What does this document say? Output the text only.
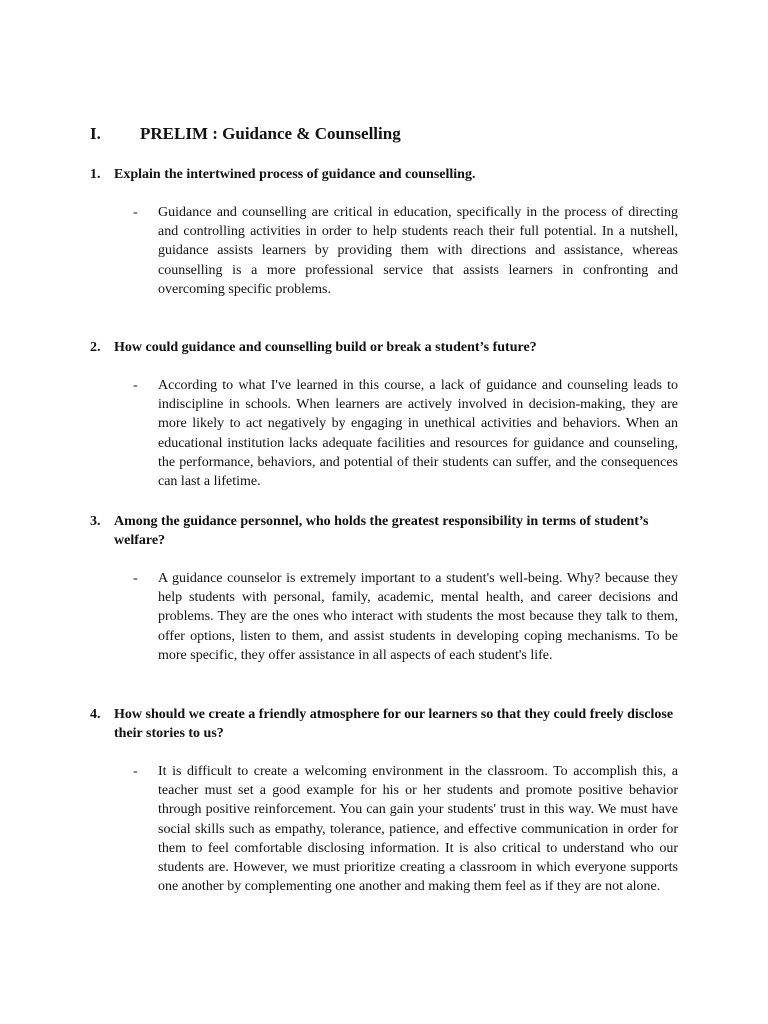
I. PRELIM : Guidance & Counselling
1. Explain the intertwined process of guidance and counselling.
-	Guidance and counselling are critical in education, specifically in the process of directing and controlling activities in order to help students reach their full potential. In a nutshell, guidance assists learners by providing them with directions and assistance, whereas counselling is a more professional service that assists learners in confronting and overcoming specific problems.
2. How could guidance and counselling build or break a student’s future?
-	According to what I've learned in this course, a lack of guidance and counseling leads to indiscipline in schools. When learners are actively involved in decision-making, they are more likely to act negatively by engaging in unethical activities and behaviors. When an educational institution lacks adequate facilities and resources for guidance and counseling, the performance, behaviors, and potential of their students can suffer, and the consequences can last a lifetime.
3. Among the guidance personnel, who holds the greatest responsibility in terms of student’s welfare?
-	A guidance counselor is extremely important to a student's well-being. Why? because they help students with personal, family, academic, mental health, and career decisions and problems. They are the ones who interact with students the most because they talk to them, offer options, listen to them, and assist students in developing coping mechanisms. To be more specific, they offer assistance in all aspects of each student's life.
4. How should we create a friendly atmosphere for our learners so that they could freely disclose their stories to us?
-	It is difficult to create a welcoming environment in the classroom. To accomplish this, a teacher must set a good example for his or her students and promote positive behavior through positive reinforcement. You can gain your students' trust in this way. We must have social skills such as empathy, tolerance, patience, and effective communication in order for them to feel comfortable disclosing information. It is also critical to understand who our students are. However, we must prioritize creating a classroom in which everyone supports one another by complementing one another and making them feel as if they are not alone.
